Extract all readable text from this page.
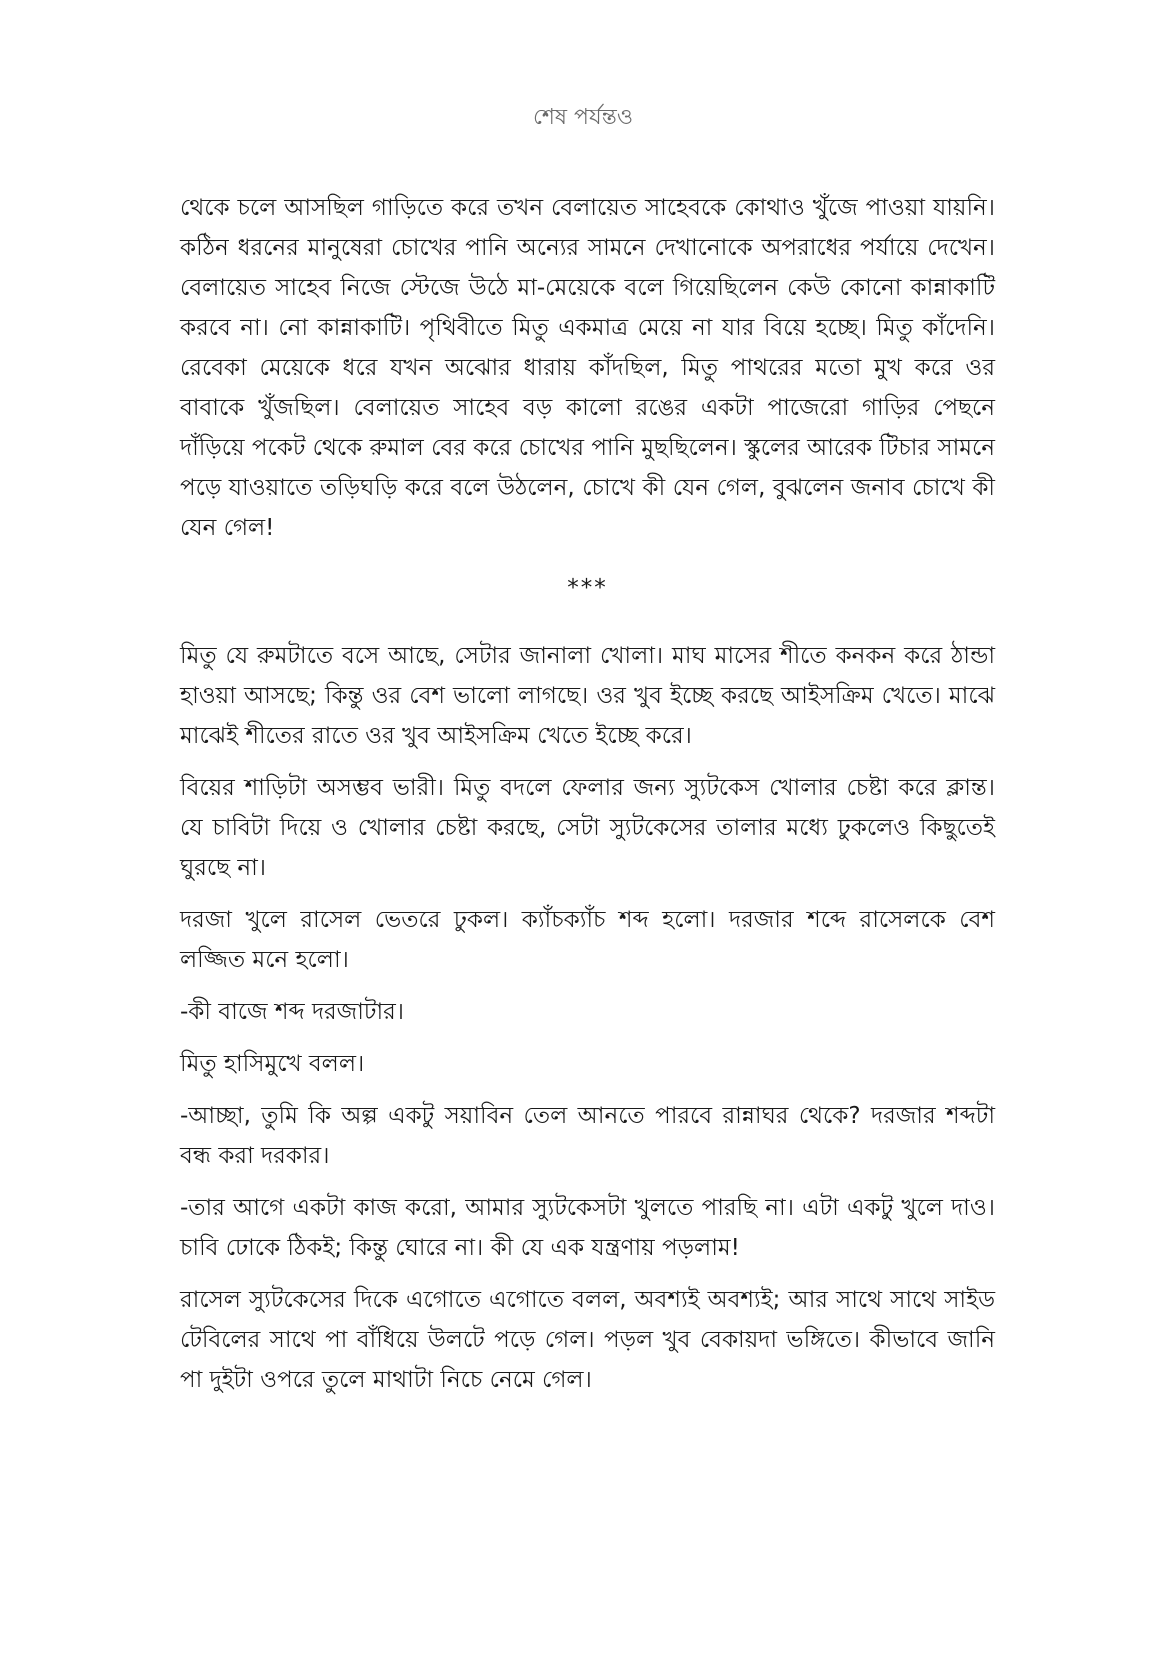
শেষ পর্যন্তও

থেকে চলে আসছিল গাড়িতে করে তখন বেলায়েত সাহেবকে কোথাও খুঁজে পাওয়া যায়নি। কঠিন ধরনের মানুষেরা চোখের পানি অন্যের সামনে দেখানোকে অপরাধের পর্যায়ে দেখেন। বেলায়েত সাহেব নিজে স্টেজে উঠে মা-মেয়েকে বলে গিয়েছিলেন কেউ কোনো কান্নাকাটি করবে না। নো কান্নাকাটি। পৃথিবীতে মিতু একমাত্র মেয়ে না যার বিয়ে হচ্ছে। মিতু কাঁদেনি। রেবেকা মেয়েকে ধরে যখন অঝোর ধারায় কাঁদছিল, মিতু পাথরের মতো মুখ করে ওর বাবাকে খুঁজছিল। বেলায়েত সাহেব বড় কালো রঙের একটা পাজেরো গাড়ির পেছনে দাঁড়িয়ে পকেট থেকে রুমাল বের করে চোখের পানি মুছছিলেন। স্কুলের আরেক টিচার সামনে পড়ে যাওয়াতে তড়িঘড়ি করে বলে উঠলেন, চোখে কী যেন গেল, বুঝলেন জনাব চোখে কী যেন গেল!

***

মিতু যে রুমটাতে বসে আছে, সেটার জানালা খোলা। মাঘ মাসের শীতে কনকন করে ঠান্ডা হাওয়া আসছে; কিন্তু ওর বেশ ভালো লাগছে। ওর খুব ইচ্ছে করছে আইসক্রিম খেতে। মাঝে মাঝেই শীতের রাতে ওর খুব আইসক্রিম খেতে ইচ্ছে করে।

বিয়ের শাড়িটা অসম্ভব ভারী। মিতু বদলে ফেলার জন্য স্যুটকেস খোলার চেষ্টা করে ক্লান্ত। যে চাবিটা দিয়ে ও খোলার চেষ্টা করছে, সেটা স্যুটকেসের তালার মধ্যে ঢুকলেও কিছুতেই ঘুরছে না।

দরজা খুলে রাসেল ভেতরে ঢুকল। ক্যাঁচক্যাঁচ শব্দ হলো। দরজার শব্দে রাসেলকে বেশ লজ্জিত মনে হলো।

-কী বাজে শব্দ দরজাটার।

মিতু হাসিমুখে বলল।

-আচ্ছা, তুমি কি অল্প একটু সয়াবিন তেল আনতে পারবে রান্নাঘর থেকে? দরজার শব্দটা বন্ধ করা দরকার।

-তার আগে একটা কাজ করো, আমার স্যুটকেসটা খুলতে পারছি না। এটা একটু খুলে দাও। চাবি ঢোকে ঠিকই; কিন্তু ঘোরে না। কী যে এক যন্ত্রণায় পড়লাম!

রাসেল স্যুটকেসের দিকে এগোতে এগোতে বলল, অবশ্যই অবশ্যই; আর সাথে সাথে সাইড টেবিলের সাথে পা বাঁধিয়ে উলটে পড়ে গেল। পড়ল খুব বেকায়দা ভঙ্গিতে। কীভাবে জানি পা দুইটা ওপরে তুলে মাথাটা নিচে নেমে গেল।
